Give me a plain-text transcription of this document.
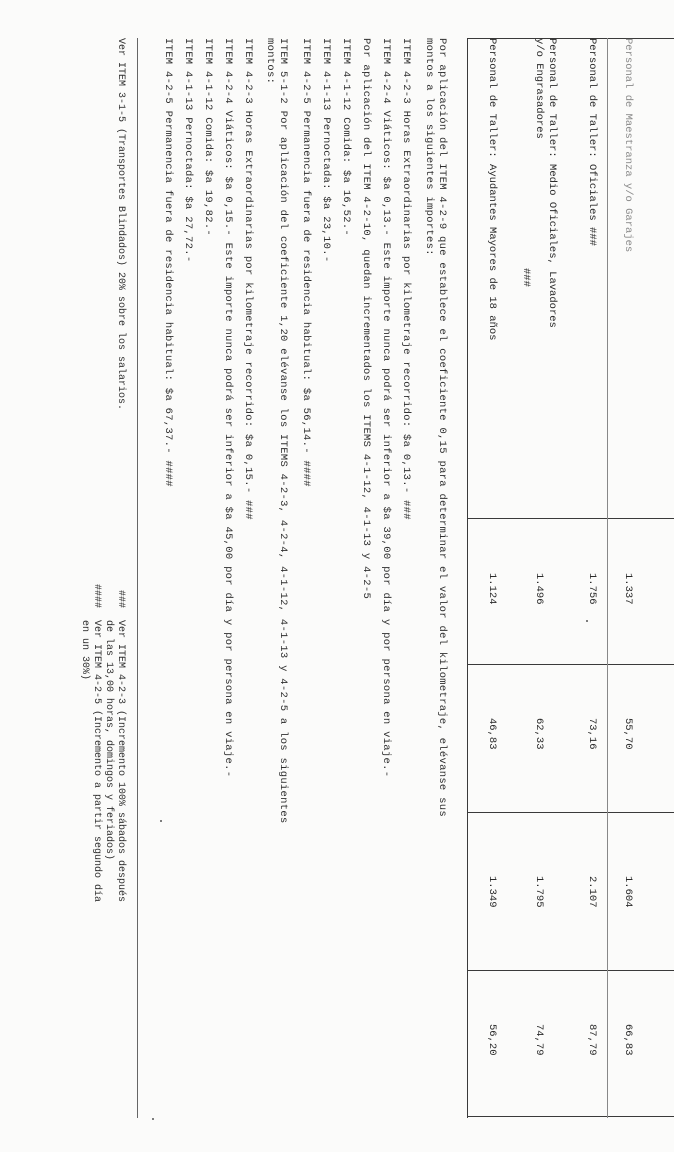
Personal de Maestranza y/o Garajes
1.337
55,70
1.604
66,83
Personal de Taller: Oficiales ###
1.756
73,16
2.107
87,79
Personal de Taller: Medio Oficiales, Lavadores
y/o Engrasadores
###
1.496
62,33
1.795
74,79
Personal de Taller: Ayudantes Mayores de 18 años
1.124
46,83
1.349
56,20
Por aplicación del ITEM 4-2-9 que establece el coeficiente 0,15 para determinar el valor del kilometraje, elévanse sus
montos a los siguientes importes:
ITEM 4-2-3 Horas Extraordinarias por kilometraje recorrido: $a 0,13.- ###
ITEM 4-2-4 Viáticos: $a 0,13.- Este importe nunca podrá ser inferior a $a 39,00 por día y por persona en viaje.-
Por aplicación del ITEM 4-2-10, quedan incrementados los ITEMS 4-1-12, 4-1-13 y 4-2-5
ITEM 4-1-12 Comida: $a 16,52.-
ITEM 4-1-13 Pernoctada: $a 23,10.-
ITEM 4-2-5 Permanencia fuera de residencia habitual: $a 56,14.- ####
ITEM 5-1-2 Por aplicación del coeficiente 1,20 elévanse los ITEMS 4-2-3, 4-2-4, 4-1-12, 4-1-13 y 4-2-5 a los siguientes
montos:
ITEM 4-2-3 Horas Extraordinarias por kilometraje recorrido: $a 0,15.- ###
ITEM 4-2-4 Viáticos: $a 0,15.- Este importe nunca podrá ser inferior a $a 45,00 por día y por persona en viaje.-
ITEM 4-1-12 Comida: $a 19,82.-
ITEM 4-1-13 Pernoctada: $a 27,72.-
ITEM 4-2-5 Permanencia fuera de residencia habitual: $a 67,37.- ####
###
Ver ITEM 4-2-3 (Incremento 100% sábados después
de las 13,00 horas, domingos y feriados)
####
Ver ITEM 4-2-5 (Incremento a partir segundo día
en un 30%)
Ver ITEM 3-1-5 (Transportes Blindados) 20% sobre los salarios.
